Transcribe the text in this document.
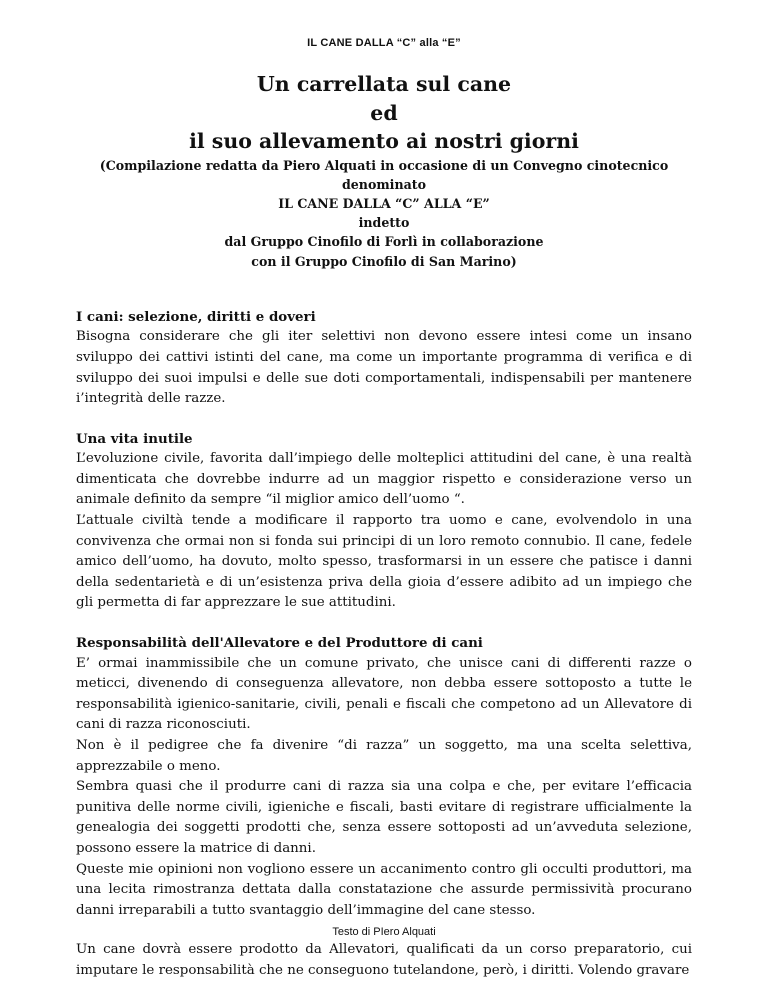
IL CANE DALLA “C” alla “E”
Un carrellata sul cane
ed
il suo allevamento ai nostri giorni
(Compilazione redatta da Piero Alquati in occasione di un Convegno cinotecnico
denominato
IL CANE DALLA “C” ALLA “E”
indetto
dal Gruppo Cinofilo di Forlì in collaborazione
con il Gruppo Cinofilo di San Marino)

I cani: selezione, diritti e doveri

Bisogna considerare che gli iter selettivi non devono essere intesi come un insano sviluppo dei cattivi istinti del cane, ma come un importante programma di verifica e di sviluppo dei suoi impulsi e delle sue doti comportamentali, indispensabili per mantenere i’integrità delle razze.

Una vita inutile

L’evoluzione civile, favorita dall’impiego delle molteplici attitudini del cane, è una realtà dimenticata che dovrebbe indurre ad un maggior rispetto e considerazione verso un animale definito da sempre “il miglior amico dell’uomo “.

L’attuale civiltà tende a modificare il rapporto tra uomo e cane, evolvendolo in una convivenza che ormai non si fonda sui principi di un loro remoto connubio. Il cane, fedele amico dell’uomo, ha dovuto, molto spesso, trasformarsi in un essere che patisce i danni della sedentarietà e di un’esistenza priva della gioia d’essere adibito ad un impiego che gli permetta di far apprezzare le sue attitudini.

Responsabilità dell'Allevatore e del Produttore di cani

E’ ormai inammissibile che un comune privato, che unisce cani di differenti razze o meticci, divenendo di conseguenza allevatore, non debba essere sottoposto a tutte le responsabilità igienico-sanitarie, civili, penali e fiscali che competono ad un Allevatore di cani di razza riconosciuti.

Non è il pedigree che fa divenire “di razza” un soggetto, ma una scelta selettiva, apprezzabile o meno.

Sembra quasi che il produrre cani di razza sia una colpa e che, per evitare l’efficacia punitiva delle norme civili, igieniche e fiscali, basti evitare di registrare ufficialmente la genealogia dei soggetti prodotti che, senza essere sottoposti ad un’avveduta selezione, possono essere la matrice di danni.

Queste mie opinioni non vogliono essere un accanimento contro gli occulti produttori, ma una lecita rimostranza dettata dalla constatazione che assurde permissività procurano danni irreparabili a tutto svantaggio dell’immagine del cane stesso.

Un cane dovrà essere prodotto da Allevatori, qualificati da un corso preparatorio, cui imputare le responsabilità che ne conseguono tutelandone, però, i diritti. Volendo gravare

Testo di PIero Alquati
